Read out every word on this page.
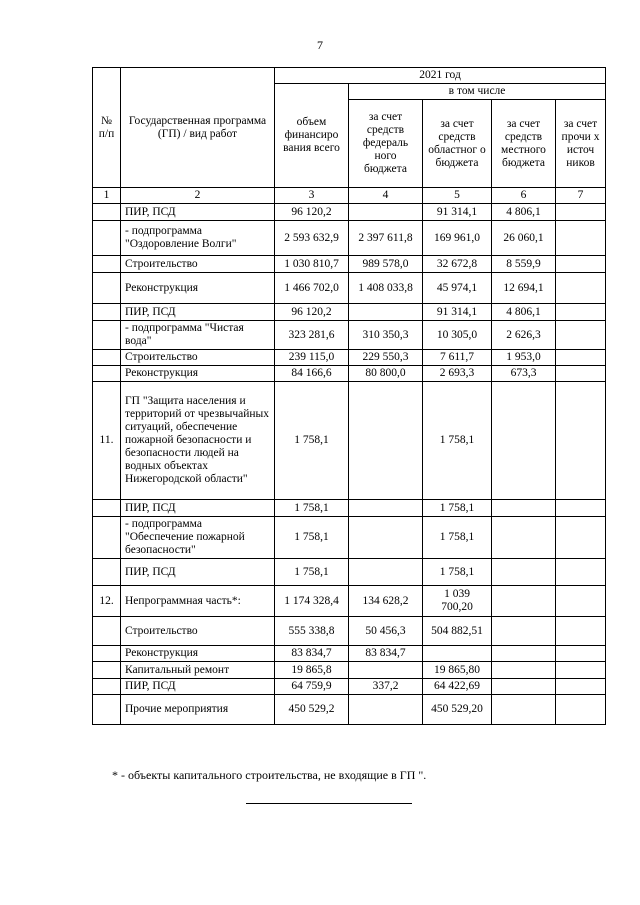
7
№ п/п	Государственная программа (ГП) / вид работ	2021 год				
		объем финансиро вания всего	в том числе			
			за счет средств федераль ного бюджета	за счет средств областног о бюджета	за счет средств местного бюджета	за счет прочи х источ ников
1	2	3	4	5	6	7
	ПИР, ПСД	96 120,2		91 314,1	4 806,1	
	- подпрограмма "Оздоровление Волги"	2 593 632,9	2 397 611,8	169 961,0	26 060,1	
	Строительство	1 030 810,7	989 578,0	32 672,8	8 559,9	
	Реконструкция	1 466 702,0	1 408 033,8	45 974,1	12 694,1	
	ПИР, ПСД	96 120,2		91 314,1	4 806,1	
	- подпрограмма "Чистая вода"	323 281,6	310 350,3	10 305,0	2 626,3	
	Строительство	239 115,0	229 550,3	7 611,7	1 953,0	
	Реконструкция	84 166,6	80 800,0	2 693,3	673,3	
11.	ГП "Защита населения и территорий от чрезвычайных ситуаций, обеспечение пожарной безопасности и безопасности людей на водных объектах Нижегородской области"	1 758,1		1 758,1		
	ПИР, ПСД	1 758,1		1 758,1		
	- подпрограмма "Обеспечение пожарной безопасности"	1 758,1		1 758,1		
	ПИР, ПСД	1 758,1		1 758,1		
12.	Непрограммная часть*:	1 174 328,4	134 628,2	1 039 700,20		
	Строительство	555 338,8	50 456,3	504 882,51		
	Реконструкция	83 834,7	83 834,7			
	Капитальный ремонт	19 865,8		19 865,80		
	ПИР, ПСД	64 759,9	337,2	64 422,69		
	Прочие мероприятия	450 529,2		450 529,20		
* - объекты капитального строительства, не входящие в ГП ".
